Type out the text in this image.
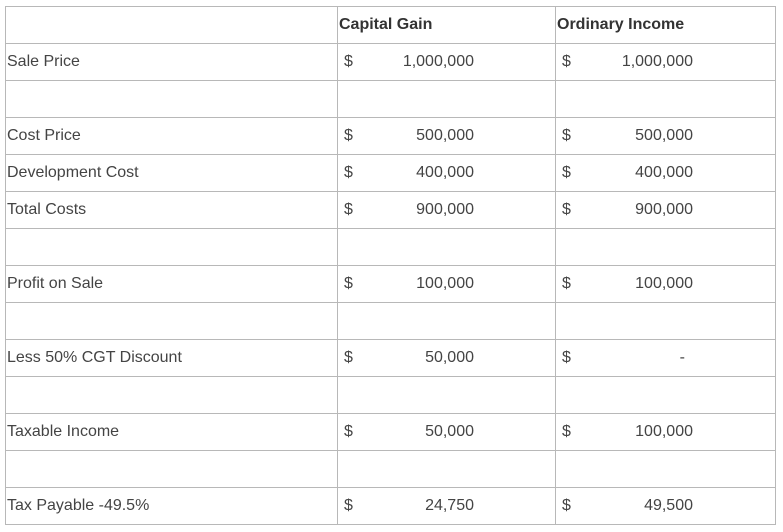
	Capital Gain	Ordinary Income
Sale Price	$ 1,000,000	$ 1,000,000

Cost Price	$ 500,000	$ 500,000

Development Cost	$ 400,000	$ 400,000

Total Costs	$ 900,000	$ 900,000

Profit on Sale	$ 100,000	$ 100,000

Less 50% CGT Discount	$ 50,000	$ -

Taxable Income	$ 50,000	$ 100,000

Tax Payable -49.5%	$ 24,750	$ 49,500
